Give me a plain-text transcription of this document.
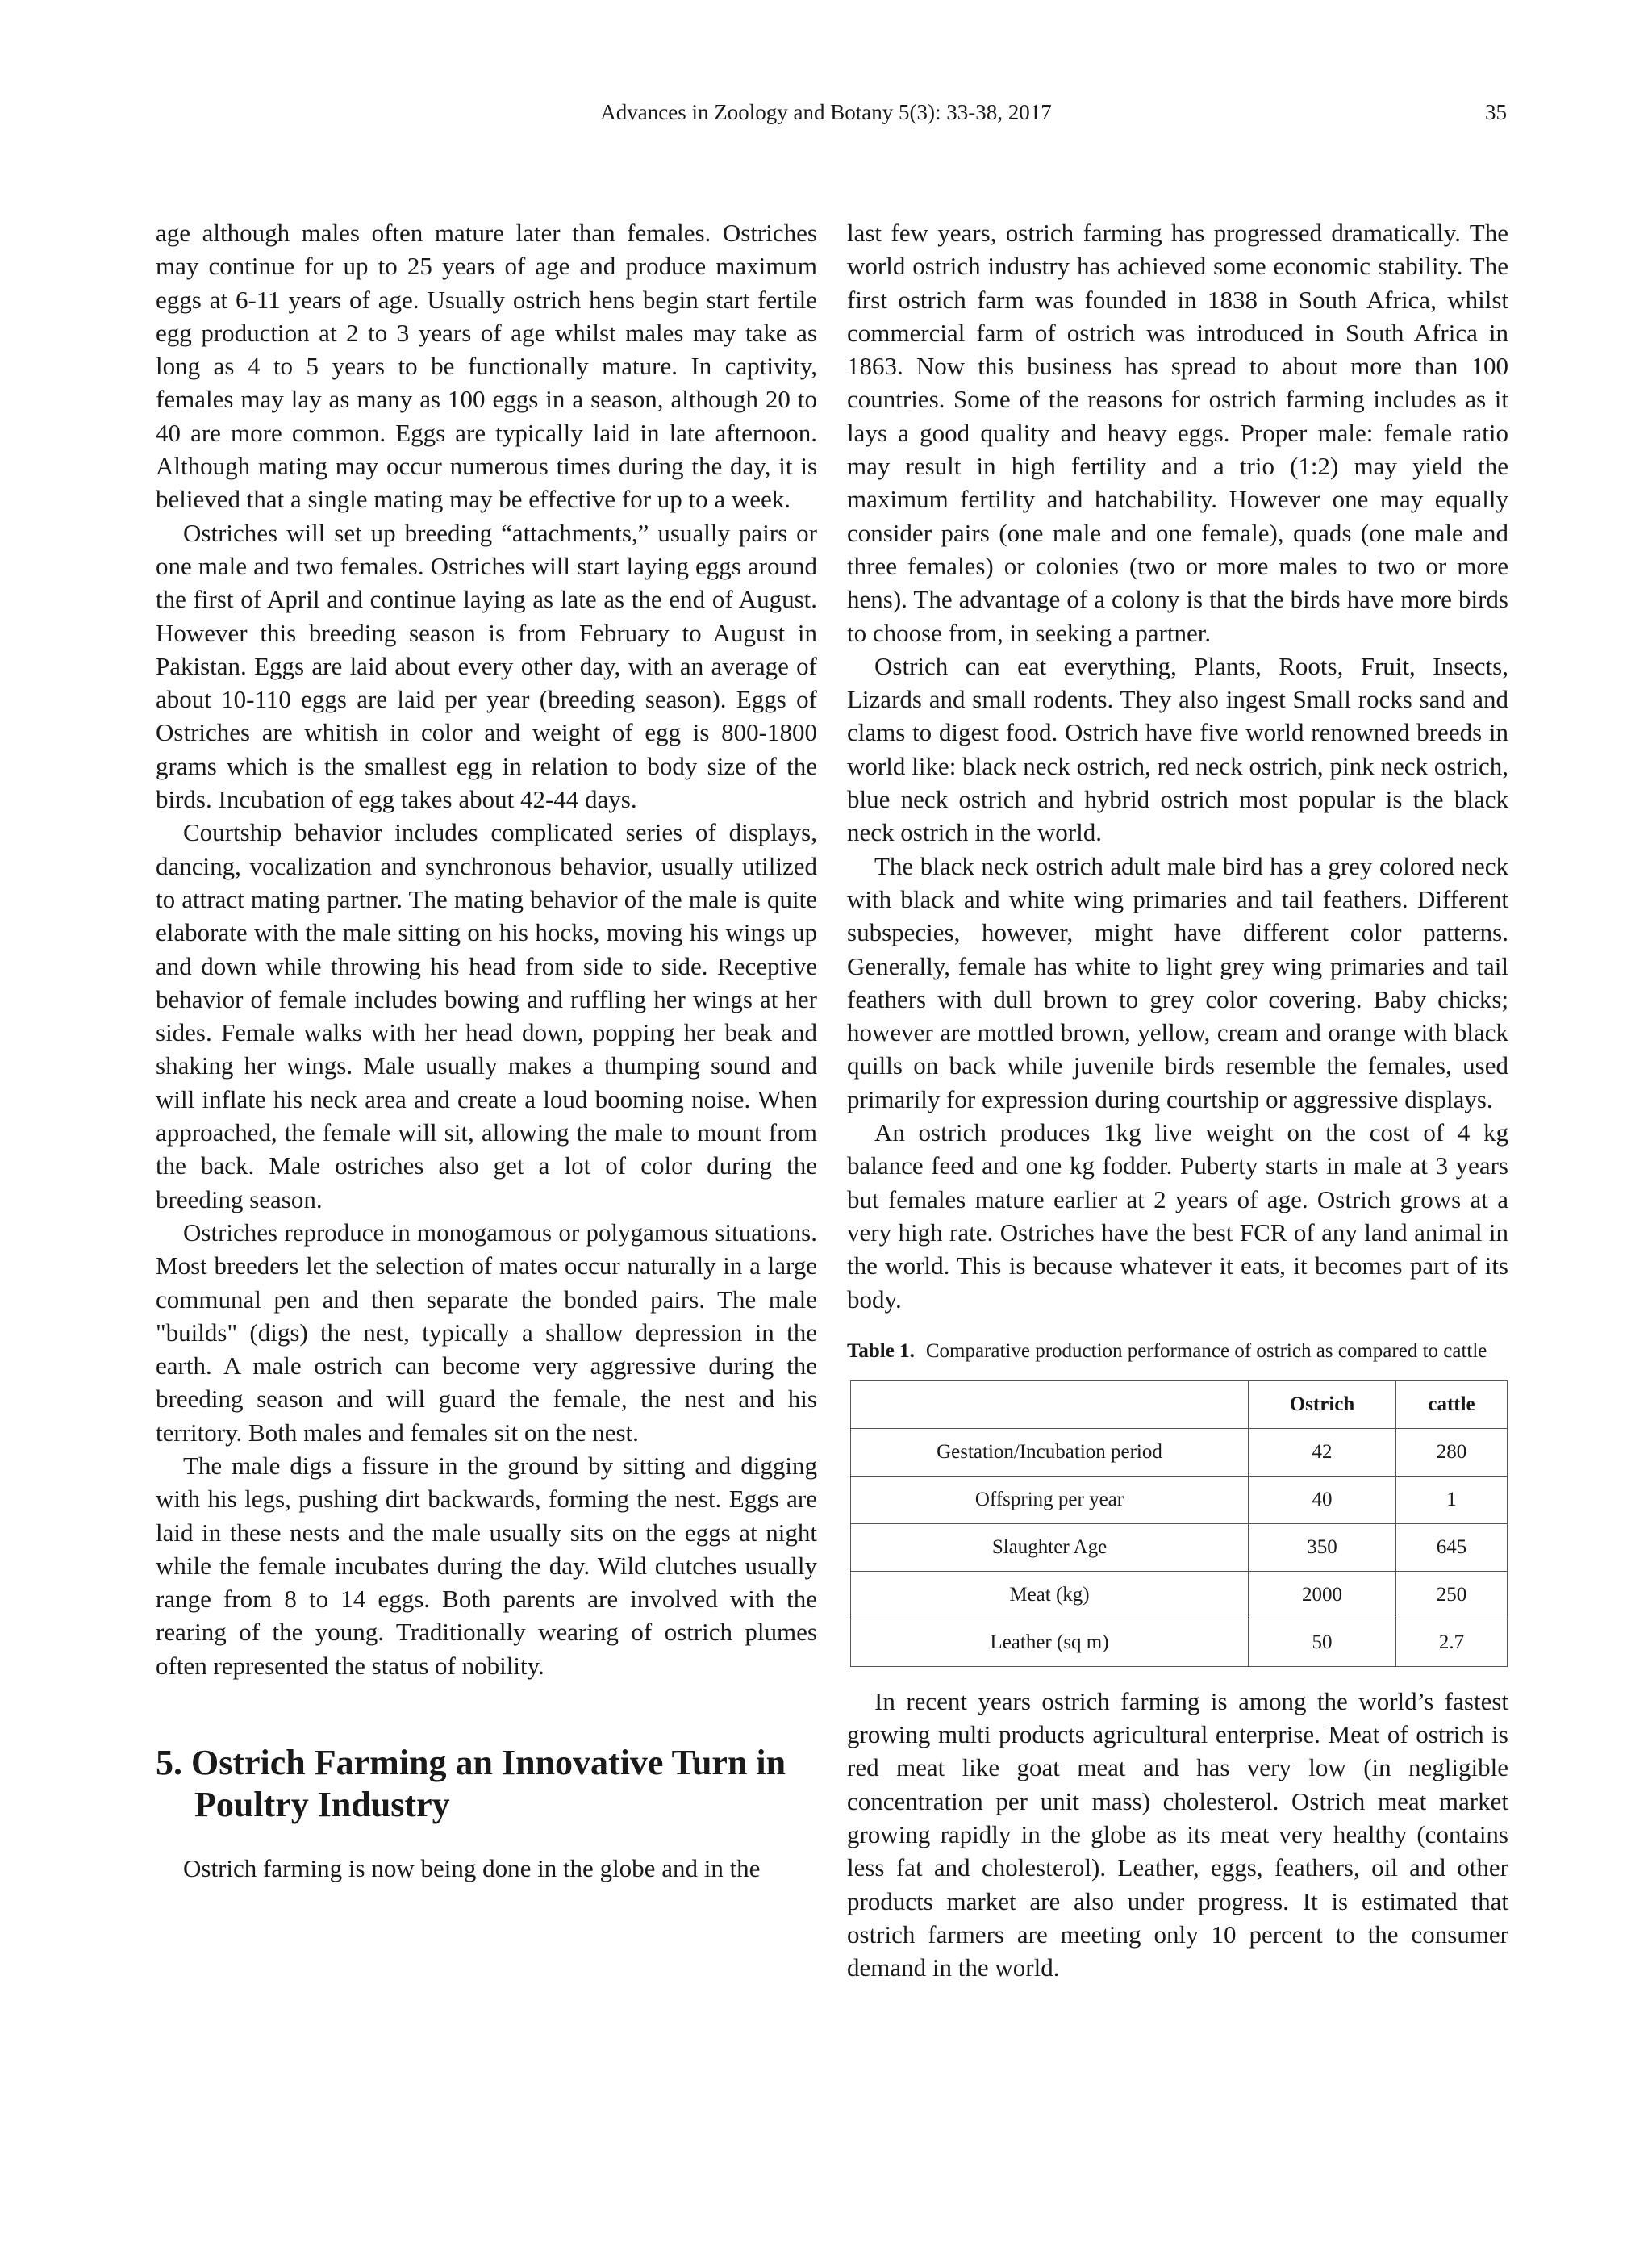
Advances in Zoology and Botany 5(3): 33-38, 2017	35

age although males often mature later than females. Ostriches may continue for up to 25 years of age and produce maximum eggs at 6-11 years of age. Usually ostrich hens begin start fertile egg production at 2 to 3 years of age whilst males may take as long as 4 to 5 years to be functionally mature. In captivity, females may lay as many as 100 eggs in a season, although 20 to 40 are more common. Eggs are typically laid in late afternoon. Although mating may occur numerous times during the day, it is believed that a single mating may be effective for up to a week.

Ostriches will set up breeding “attachments,” usually pairs or one male and two females. Ostriches will start laying eggs around the first of April and continue laying as late as the end of August. However this breeding season is from February to August in Pakistan. Eggs are laid about every other day, with an average of about 10-110 eggs are laid per year (breeding season). Eggs of Ostriches are whitish in color and weight of egg is 800-1800 grams which is the smallest egg in relation to body size of the birds. Incubation of egg takes about 42-44 days.

Courtship behavior includes complicated series of displays, dancing, vocalization and synchronous behavior, usually utilized to attract mating partner. The mating behavior of the male is quite elaborate with the male sitting on his hocks, moving his wings up and down while throwing his head from side to side. Receptive behavior of female includes bowing and ruffling her wings at her sides. Female walks with her head down, popping her beak and shaking her wings. Male usually makes a thumping sound and will inflate his neck area and create a loud booming noise. When approached, the female will sit, allowing the male to mount from the back. Male ostriches also get a lot of color during the breeding season.

Ostriches reproduce in monogamous or polygamous situations. Most breeders let the selection of mates occur naturally in a large communal pen and then separate the bonded pairs. The male "builds" (digs) the nest, typically a shallow depression in the earth. A male ostrich can become very aggressive during the breeding season and will guard the female, the nest and his territory. Both males and females sit on the nest.

The male digs a fissure in the ground by sitting and digging with his legs, pushing dirt backwards, forming the nest. Eggs are laid in these nests and the male usually sits on the eggs at night while the female incubates during the day. Wild clutches usually range from 8 to 14 eggs. Both parents are involved with the rearing of the young. Traditionally wearing of ostrich plumes often represented the status of nobility.

5. Ostrich Farming an Innovative Turn in Poultry Industry

Ostrich farming is now being done in the globe and in the

last few years, ostrich farming has progressed dramatically. The world ostrich industry has achieved some economic stability. The first ostrich farm was founded in 1838 in South Africa, whilst commercial farm of ostrich was introduced in South Africa in 1863. Now this business has spread to about more than 100 countries. Some of the reasons for ostrich farming includes as it lays a good quality and heavy eggs. Proper male: female ratio may result in high fertility and a trio (1:2) may yield the maximum fertility and hatchability. However one may equally consider pairs (one male and one female), quads (one male and three females) or colonies (two or more males to two or more hens). The advantage of a colony is that the birds have more birds to choose from, in seeking a partner.

Ostrich can eat everything, Plants, Roots, Fruit, Insects, Lizards and small rodents. They also ingest Small rocks sand and clams to digest food. Ostrich have five world renowned breeds in world like: black neck ostrich, red neck ostrich, pink neck ostrich, blue neck ostrich and hybrid ostrich most popular is the black neck ostrich in the world.

The black neck ostrich adult male bird has a grey colored neck with black and white wing primaries and tail feathers. Different subspecies, however, might have different color patterns. Generally, female has white to light grey wing primaries and tail feathers with dull brown to grey color covering. Baby chicks; however are mottled brown, yellow, cream and orange with black quills on back while juvenile birds resemble the females, used primarily for expression during courtship or aggressive displays.

An ostrich produces 1kg live weight on the cost of 4 kg balance feed and one kg fodder. Puberty starts in male at 3 years but females mature earlier at 2 years of age. Ostrich grows at a very high rate. Ostriches have the best FCR of any land animal in the world. This is because whatever it eats, it becomes part of its body.

Table 1. Comparative production performance of ostrich as compared to cattle
	Ostrich	cattle
Gestation/Incubation period	42	280
Offspring per year	40	1
Slaughter Age	350	645
Meat (kg)	2000	250
Leather (sq m)	50	2.7

In recent years ostrich farming is among the world’s fastest growing multi products agricultural enterprise. Meat of ostrich is red meat like goat meat and has very low (in negligible concentration per unit mass) cholesterol. Ostrich meat market growing rapidly in the globe as its meat very healthy (contains less fat and cholesterol). Leather, eggs, feathers, oil and other products market are also under progress. It is estimated that ostrich farmers are meeting only 10 percent to the consumer demand in the world.
